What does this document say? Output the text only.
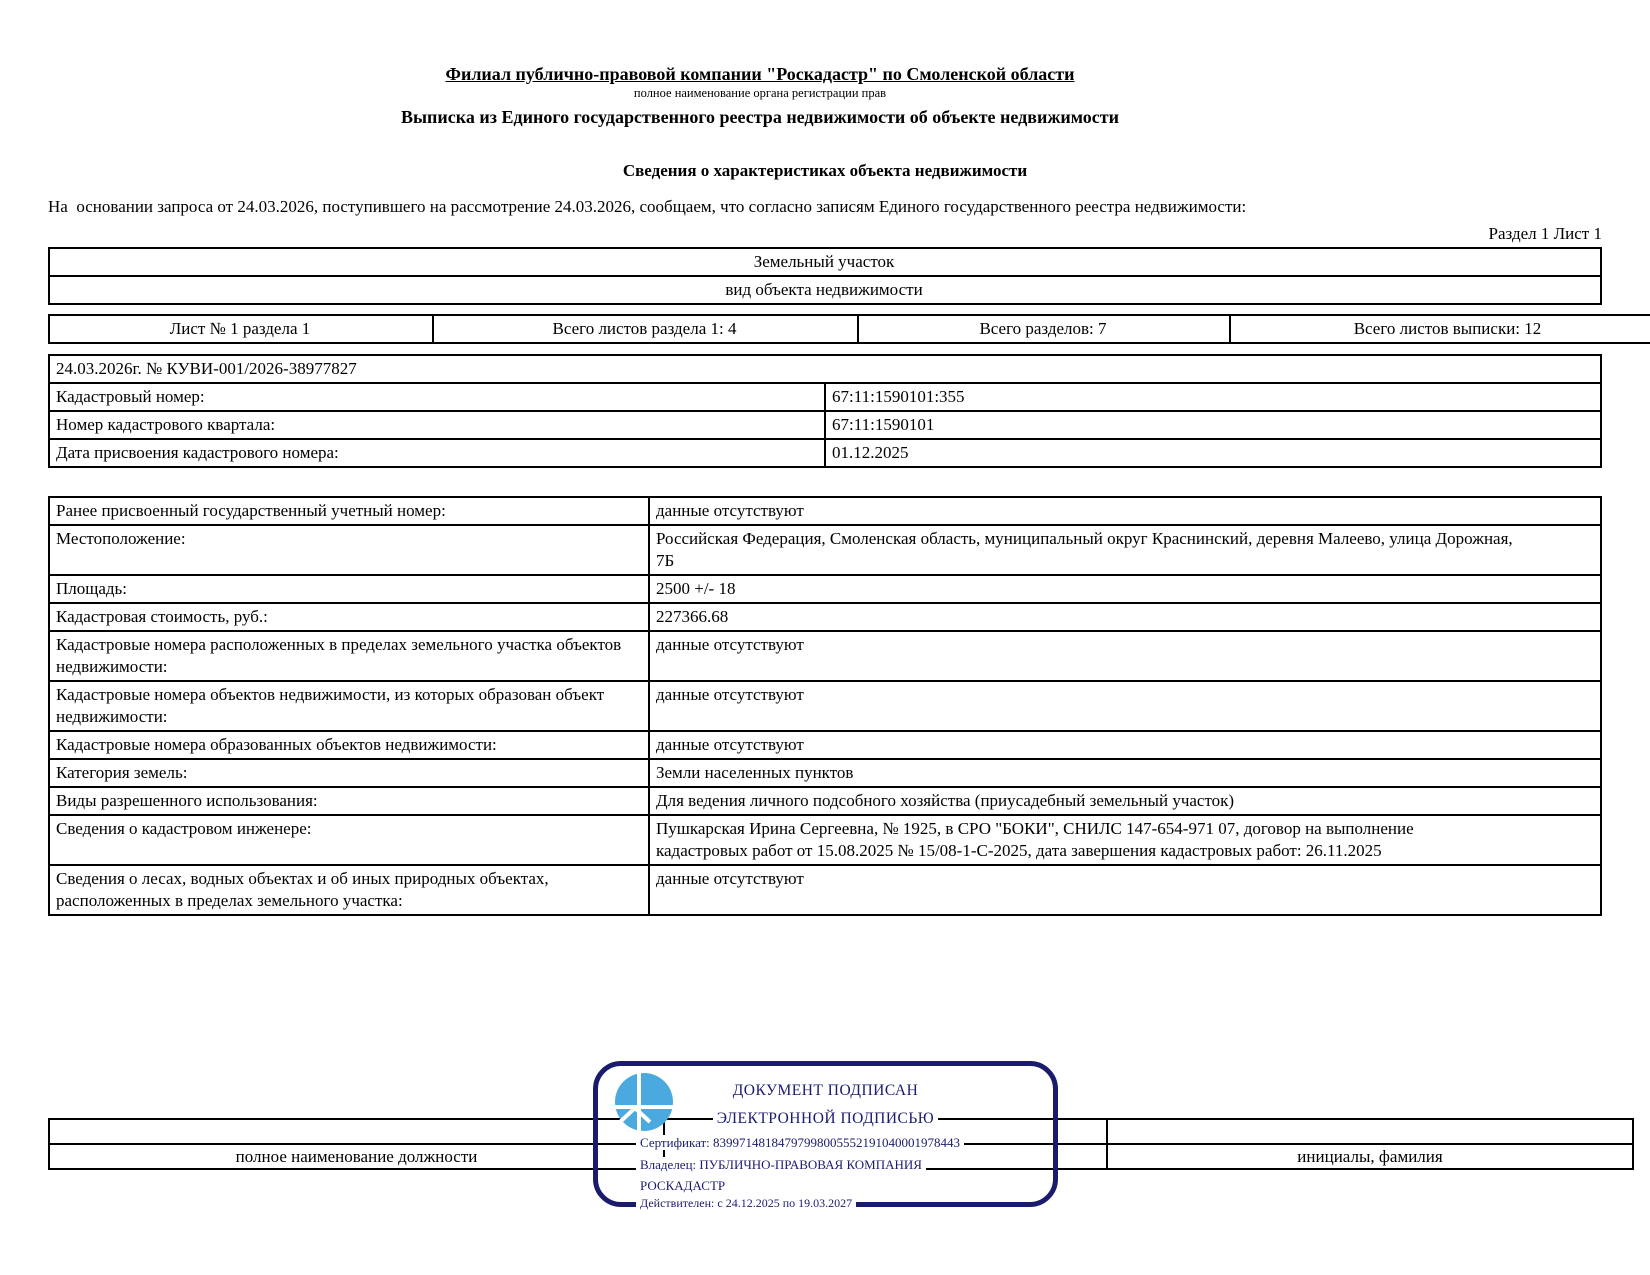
Филиал публично-правовой компании "Роскадастр" по Смоленской области
полное наименование органа регистрации прав
Выписка из Единого государственного реестра недвижимости об объекте недвижимости
Сведения о характеристиках объекта недвижимости
На  основании запроса от 24.03.2026, поступившего на рассмотрение 24.03.2026, сообщаем, что согласно записям Единого государственного реестра недвижимости:
Раздел 1 Лист 1
Земельный участок
вид объекта недвижимости
Лист № 1 раздела 1	Всего листов раздела 1: 4	Всего разделов: 7	Всего листов выписки: 12
24.03.2026г. № КУВИ-001/2026-38977827	
Кадастровый номер:	67:11:1590101:355
Номер кадастрового квартала:	67:11:1590101
Дата присвоения кадастрового номера:	01.12.2025
Ранее присвоенный государственный учетный номер:	данные отсутствуют
Местоположение:	Российская Федерация, Смоленская область, муниципальный округ Краснинский, деревня Малеево, улица Дорожная, 7Б

Площадь:	2500 +/- 18
Кадастровая стоимость, руб.:	227366.68
Кадастровые номера расположенных в пределах земельного участка объектов недвижимости:	данные отсутствуют
Кадастровые номера объектов недвижимости, из которых образован объект недвижимости:	данные отсутствуют
Кадастровые номера образованных объектов недвижимости:	данные отсутствуют
Категория земель:	Земли населенных пунктов
Виды разрешенного использования:	Для ведения личного подсобного хозяйства (приусадебный земельный участок)
Сведения о кадастровом инженере:	Пушкарская Ирина Сергеевна, № 1925, в СРО "БОКИ", СНИЛС 147-654-971 07, договор на выполнение кадастровых работ от 15.08.2025 № 15/08-1-С-2025, дата завершения кадастровых работ: 26.11.2025

Сведения о лесах, водных объектах и об иных природных объектах, расположенных в пределах земельного участка:	данные отсутствуют

полное наименование должности		инициалы, фамилия
ДОКУМЕНТ ПОДПИСАН
ЭЛЕКТРОННОЙ ПОДПИСЬЮ
Сертификат: 83997148184797998005552191040001978443
Владелец: ПУБЛИЧНО-ПРАВОВАЯ КОМПАНИЯ
РОСКАДАСТР
Действителен: с 24.12.2025 по 19.03.2027
